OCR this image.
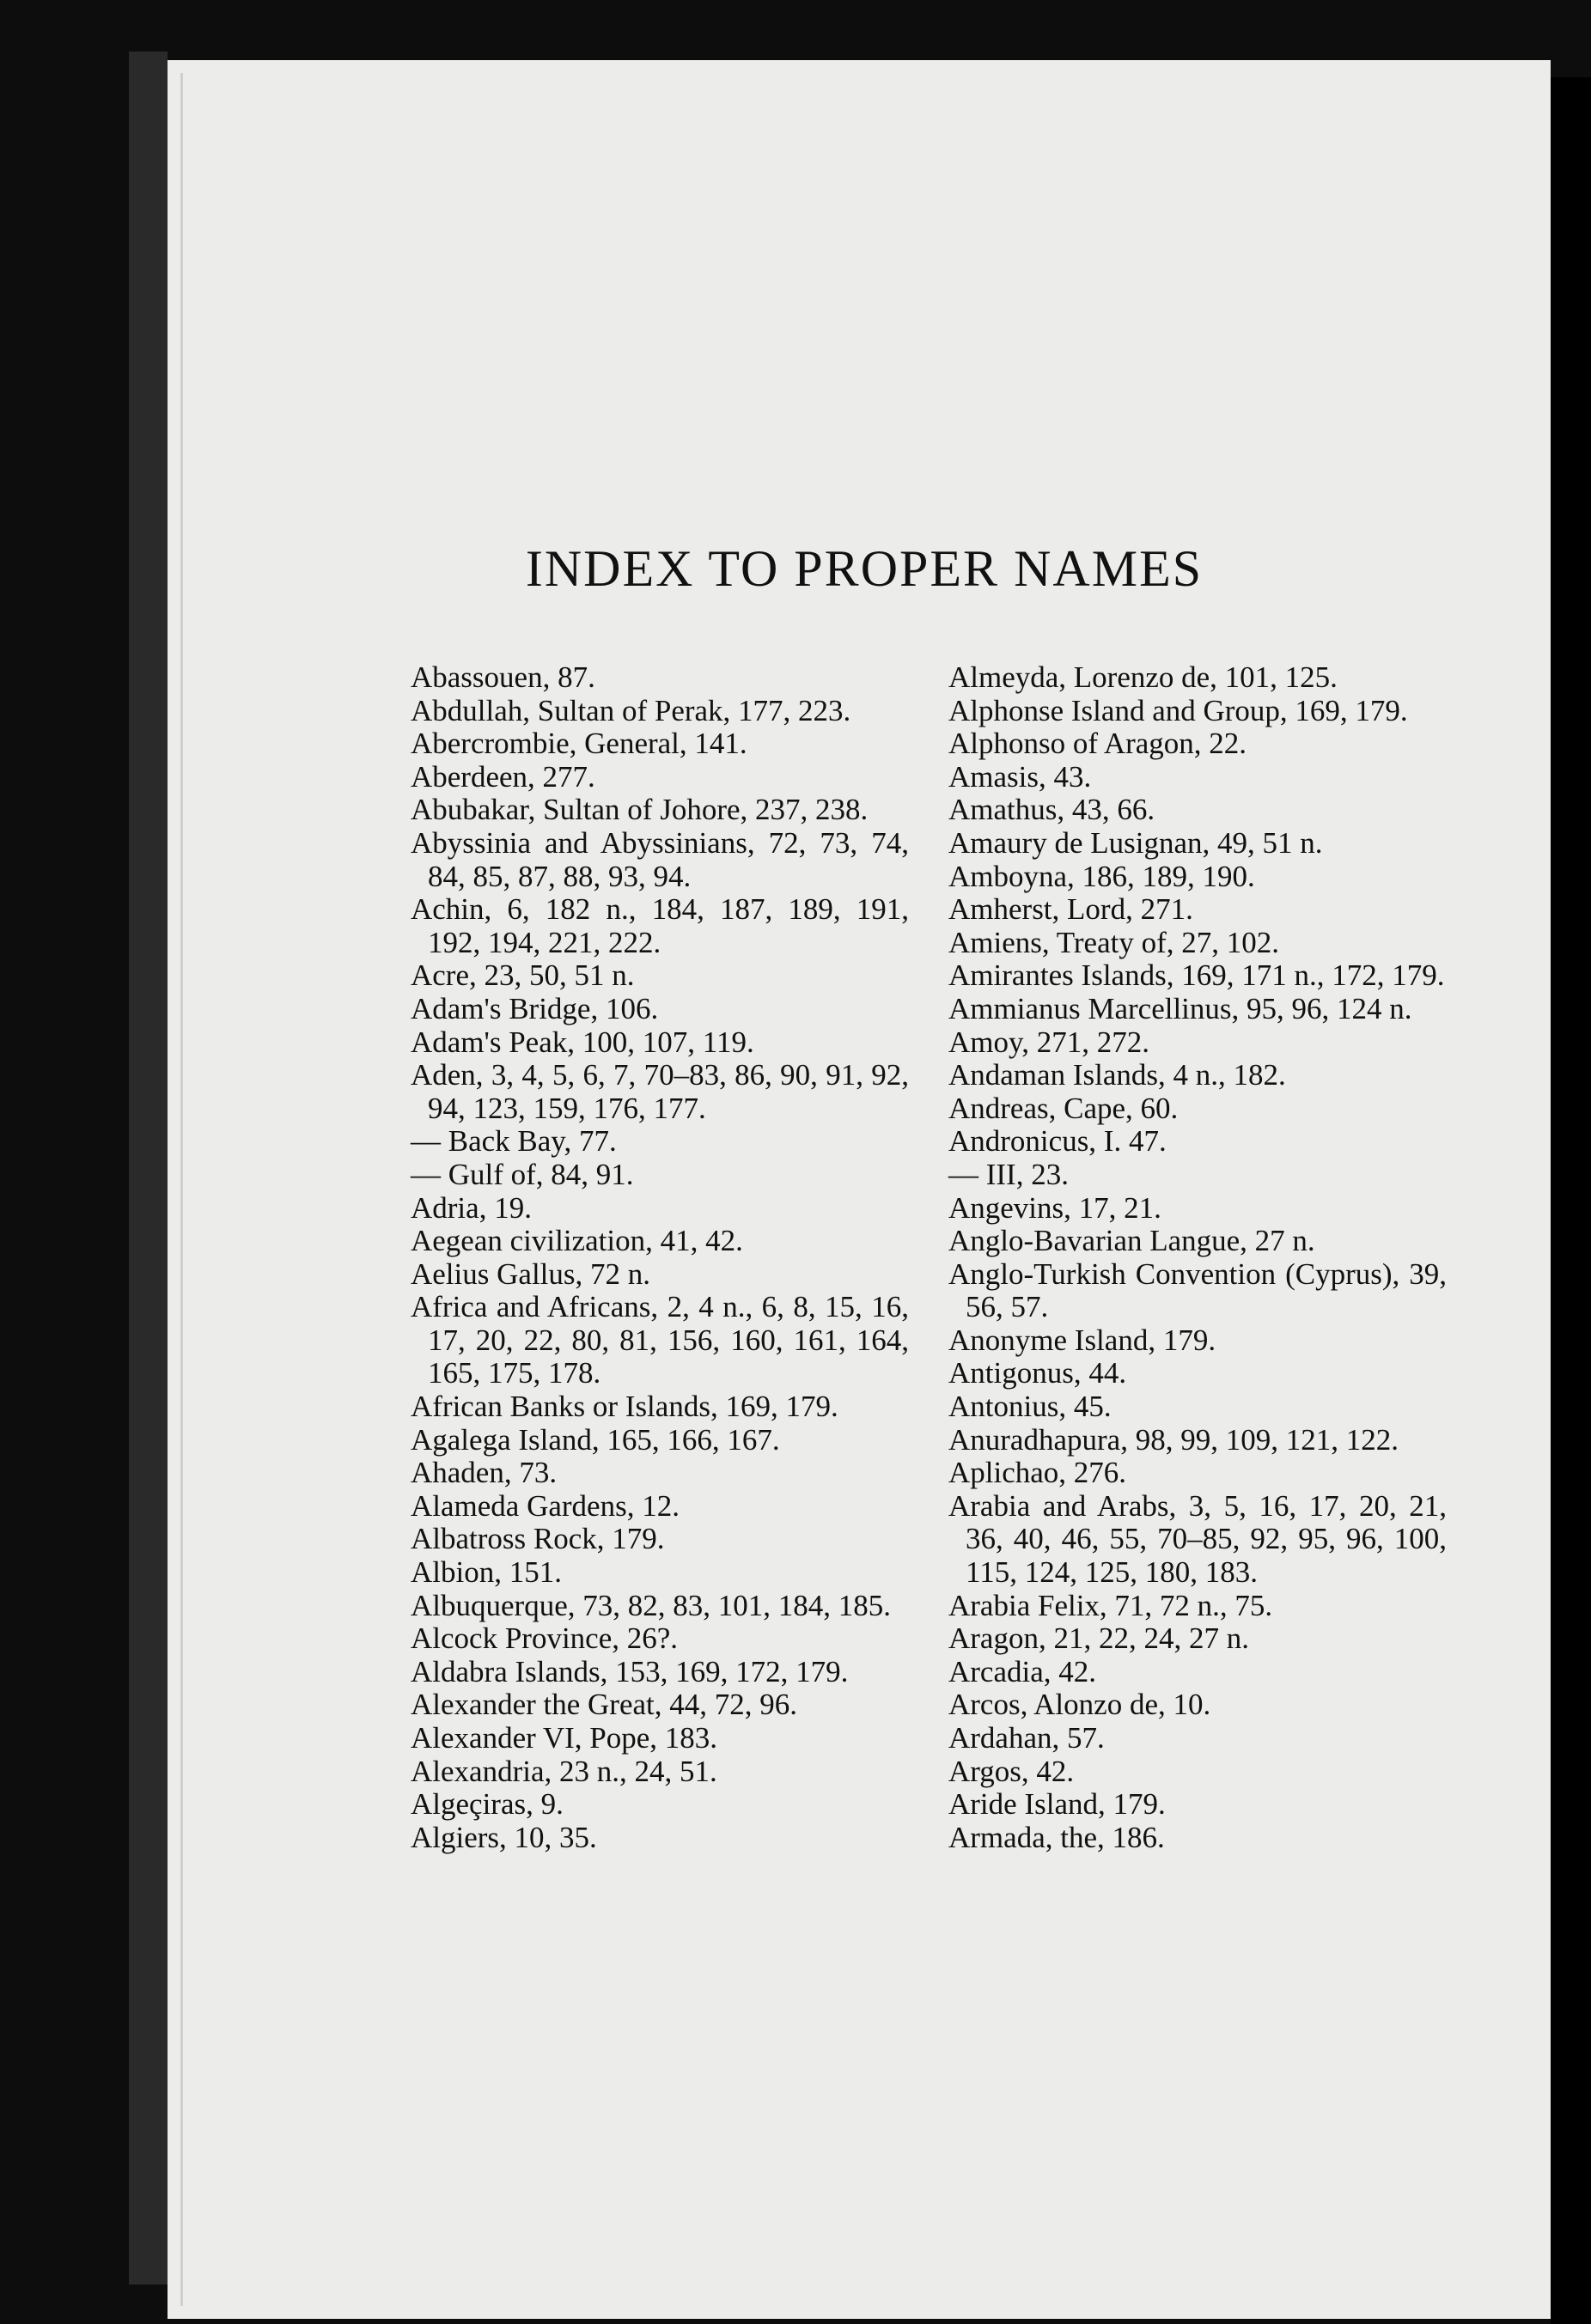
INDEX TO PROPER NAMES

Abassouen, 87.

Abdullah, Sultan of Perak, 177, 223.

Abercrombie, General, 141.

Aberdeen, 277.

Abubakar, Sultan of Johore, 237, 238.

Abyssinia and Abyssinians, 72, 73, 74, 84, 85, 87, 88, 93, 94.

Achin, 6, 182 n., 184, 187, 189, 191, 192, 194, 221, 222.

Acre, 23, 50, 51 n.

Adam's Bridge, 106.

Adam's Peak, 100, 107, 119.

Aden, 3, 4, 5, 6, 7, 70–83, 86, 90, 91, 92, 94, 123, 159, 176, 177.

— Back Bay, 77.

— Gulf of, 84, 91.

Adria, 19.

Aegean civilization, 41, 42.

Aelius Gallus, 72 n.

Africa and Africans, 2, 4 n., 6, 8, 15, 16, 17, 20, 22, 80, 81, 156, 160, 161, 164, 165, 175, 178.

African Banks or Islands, 169, 179.

Agalega Island, 165, 166, 167.

Ahaden, 73.

Alameda Gardens, 12.

Albatross Rock, 179.

Albion, 151.

Albuquerque, 73, 82, 83, 101, 184, 185.

Alcock Province, 26?.

Aldabra Islands, 153, 169, 172, 179.

Alexander the Great, 44, 72, 96.

Alexander VI, Pope, 183.

Alexandria, 23 n., 24, 51.

Algeçiras, 9.

Algiers, 10, 35.

Almeyda, Lorenzo de, 101, 125.

Alphonse Island and Group, 169, 179.

Alphonso of Aragon, 22.

Amasis, 43.

Amathus, 43, 66.

Amaury de Lusignan, 49, 51 n.

Amboyna, 186, 189, 190.

Amherst, Lord, 271.

Amiens, Treaty of, 27, 102.

Amirantes Islands, 169, 171 n., 172, 179.

Ammianus Marcellinus, 95, 96, 124 n.

Amoy, 271, 272.

Andaman Islands, 4 n., 182.

Andreas, Cape, 60.

Andronicus, I. 47.

— III, 23.

Angevins, 17, 21.

Anglo-Bavarian Langue, 27 n.

Anglo-Turkish Convention (Cyprus), 39, 56, 57.

Anonyme Island, 179.

Antigonus, 44.

Antonius, 45.

Anuradhapura, 98, 99, 109, 121, 122.

Aplichao, 276.

Arabia and Arabs, 3, 5, 16, 17, 20, 21, 36, 40, 46, 55, 70–85, 92, 95, 96, 100, 115, 124, 125, 180, 183.

Arabia Felix, 71, 72 n., 75.

Aragon, 21, 22, 24, 27 n.

Arcadia, 42.

Arcos, Alonzo de, 10.

Ardahan, 57.

Argos, 42.

Aride Island, 179.

Armada, the, 186.
